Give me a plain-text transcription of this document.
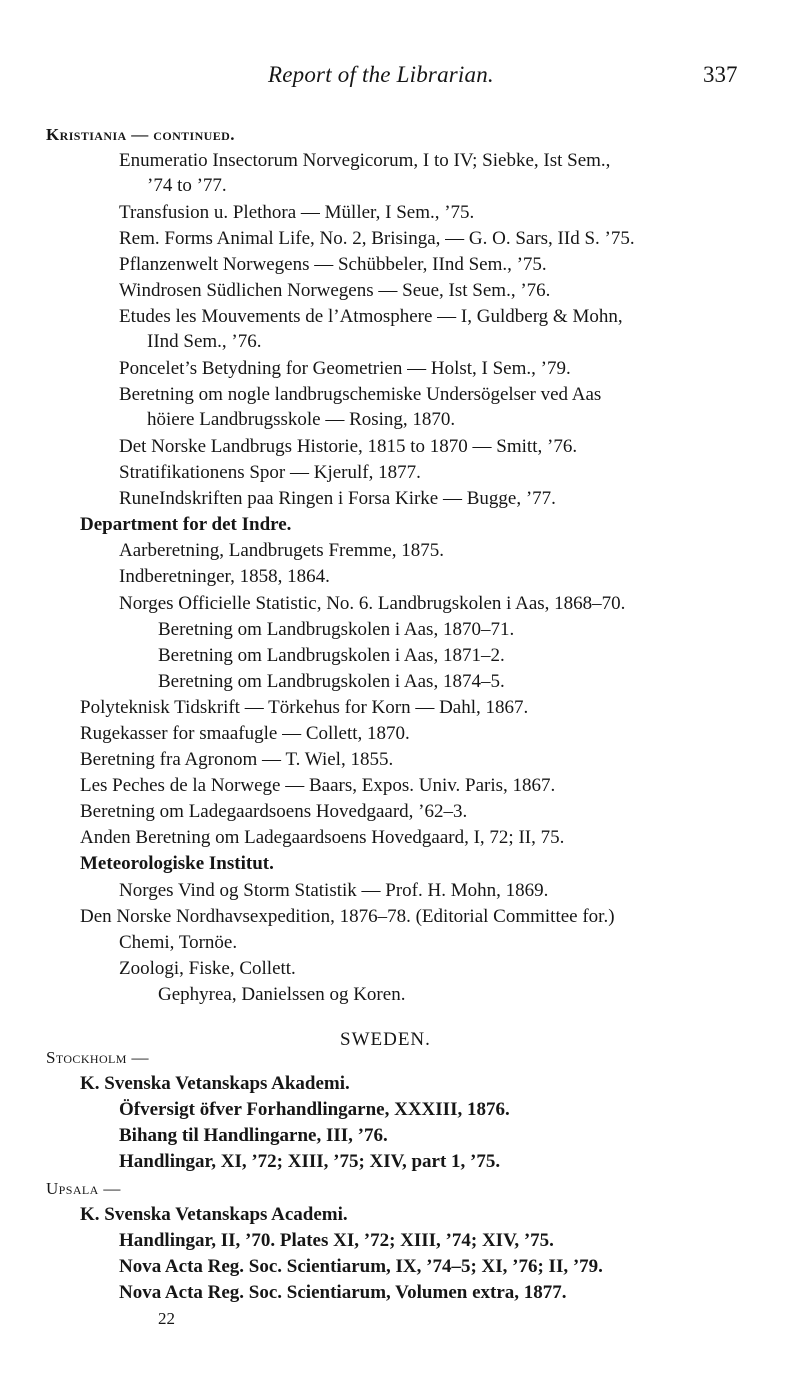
Report of the Librarian.	337
Kristiania — continued.
Enumeratio Insectorum Norvegicorum, I to IV; Siebke, Ist Sem.,
’74 to ’77.
Transfusion u. Plethora — Müller, I Sem., ’75.
Rem. Forms Animal Life, No. 2, Brisinga, — G. O. Sars, IId S. ’75.
Pflanzenwelt Norwegens — Schübbeler, IInd Sem., ’75.
Windrosen Südlichen Norwegens — Seue, Ist Sem., ’76.
Etudes les Mouvements de l’Atmosphere — I, Guldberg & Mohn,
IInd Sem., ’76.
Poncelet’s Betydning for Geometrien — Holst, I Sem., ’79.
Beretning om nogle landbrugschemiske Undersögelser ved Aas
höiere Landbrugsskole — Rosing, 1870.
Det Norske Landbrugs Historie, 1815 to 1870 — Smitt, ’76.
Stratifikationens Spor — Kjerulf, 1877.
RuneIndskriften paa Ringen i Forsa Kirke — Bugge, ’77.
Department for det Indre.
Aarberetning, Landbrugets Fremme, 1875.
Indberetninger, 1858, 1864.
Norges Officielle Statistic, No. 6. Landbrugskolen i Aas, 1868–70.
Beretning om Landbrugskolen i Aas, 1870–71.
Beretning om Landbrugskolen i Aas, 1871–2.
Beretning om Landbrugskolen i Aas, 1874–5.
Polyteknisk Tidskrift — Törkehus for Korn — Dahl, 1867.
Rugekasser for smaafugle — Collett, 1870.
Beretning fra Agronom — T. Wiel, 1855.
Les Peches de la Norwege — Baars, Expos. Univ. Paris, 1867.
Beretning om Ladegaardsoens Hovedgaard, ’62–3.
Anden Beretning om Ladegaardsoens Hovedgaard, I, 72; II, 75.
Meteorologiske Institut.
Norges Vind og Storm Statistik — Prof. H. Mohn, 1869.
Den Norske Nordhavsexpedition, 1876–78. (Editorial Committee for.)
Chemi, Tornöe.
Zoologi, Fiske, Collett.
Gephyrea, Danielssen og Koren.
SWEDEN.
Stockholm —
K. Svenska Vetanskaps Akademi.
Öfversigt öfver Forhandlingarne, XXXIII, 1876.
Bihang til Handlingarne, III, ’76.
Handlingar, XI, ’72; XIII, ’75; XIV, part 1, ’75.
Upsala —
K. Svenska Vetanskaps Academi.
Handlingar, II, ’70. Plates XI, ’72; XIII, ’74; XIV, ’75.
Nova Acta Reg. Soc. Scientiarum, IX, ’74–5; XI, ’76; II, ’79.
Nova Acta Reg. Soc. Scientiarum, Volumen extra, 1877.
22
